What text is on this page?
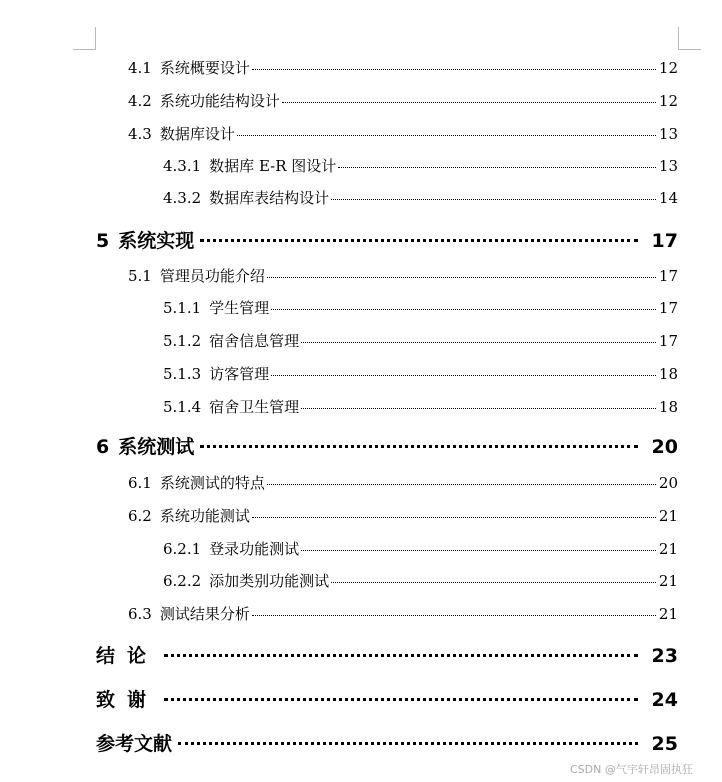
4.1 系统概要设计	12
4.2 系统功能结构设计	12
4.3 数据库设计	13
4.3.1 数据库 E-R 图设计	13
4.3.2 数据库表结构设计	14
5 系统实现	17
5.1 管理员功能介绍	17
5.1.1 学生管理	17
5.1.2 宿舍信息管理	17
5.1.3 访客管理	18
5.1.4 宿舍卫生管理	18
6 系统测试	20
6.1 系统测试的特点	20
6.2 系统功能测试	21
6.2.1 登录功能测试	21
6.2.2 添加类别功能测试	21
6.3 测试结果分析	21
结论	23
致谢	24
参考文献	25
CSDN @气宇轩昂固执狂
